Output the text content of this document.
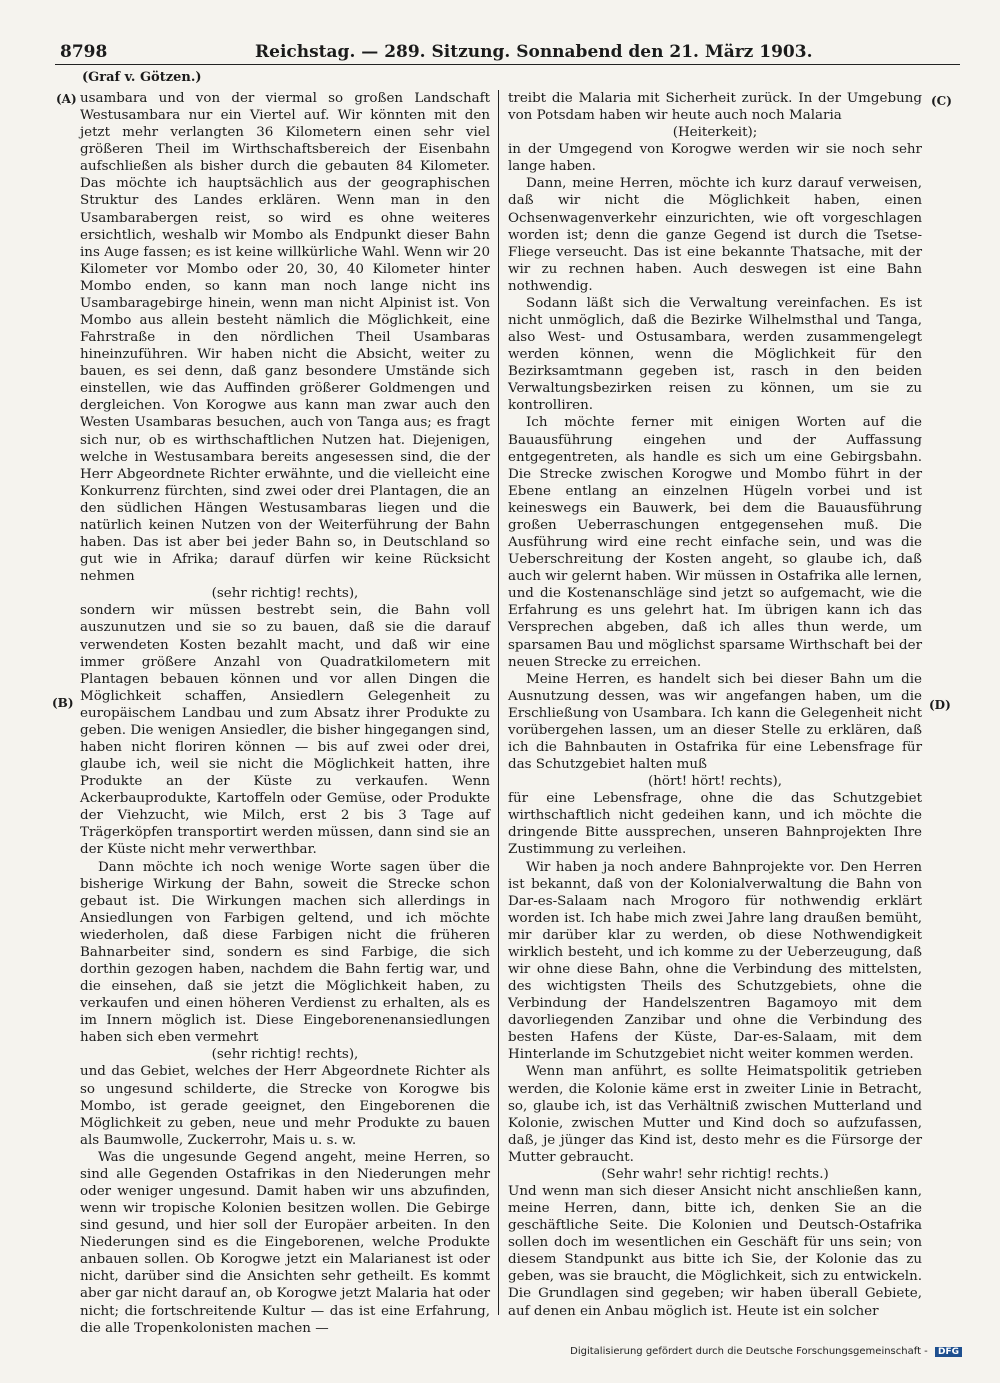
8798	Reichstag. — 289. Sitzung. Sonnabend den 21. März 1903.
(Graf v. Götzen.)
(A)
(B)
(C)
(D)

usambara und von der viermal so großen Landschaft Westusambara nur ein Viertel auf. Wir könnten mit den jetzt mehr verlangten 36 Kilometern einen sehr viel größeren Theil im Wirthschaftsbereich der Eisenbahn aufschließen als bisher durch die gebauten 84 Kilometer. Das möchte ich hauptsächlich aus der geographischen Struktur des Landes erklären. Wenn man in den Usambarabergen reist, so wird es ohne weiteres ersichtlich, weshalb wir Mombo als Endpunkt dieser Bahn ins Auge fassen; es ist keine willkürliche Wahl. Wenn wir 20 Kilometer vor Mombo oder 20, 30, 40 Kilometer hinter Mombo enden, so kann man noch lange nicht ins Usambaragebirge hinein, wenn man nicht Alpinist ist. Von Mombo aus allein besteht nämlich die Möglichkeit, eine Fahrstraße in den nördlichen Theil Usambaras hineinzuführen. Wir haben nicht die Absicht, weiter zu bauen, es sei denn, daß ganz besondere Umstände sich einstellen, wie das Auffinden größerer Goldmengen und dergleichen. Von Korogwe aus kann man zwar auch den Westen Usambaras besuchen, auch von Tanga aus; es fragt sich nur, ob es wirthschaftlichen Nutzen hat. Diejenigen, welche in Westusambara bereits angesessen sind, die der Herr Abgeordnete Richter erwähnte, und die vielleicht eine Konkurrenz fürchten, sind zwei oder drei Plantagen, die an den südlichen Hängen Westusambaras liegen und die natürlich keinen Nutzen von der Weiterführung der Bahn haben. Das ist aber bei jeder Bahn so, in Deutschland so gut wie in Afrika; darauf dürfen wir keine Rücksicht nehmen

(sehr richtig! rechts),

sondern wir müssen bestrebt sein, die Bahn voll auszunutzen und sie so zu bauen, daß sie die darauf verwendeten Kosten bezahlt macht, und daß wir eine immer größere Anzahl von Quadratkilometern mit Plantagen bebauen können und vor allen Dingen die Möglichkeit schaffen, Ansiedlern Gelegenheit zu europäischem Landbau und zum Absatz ihrer Produkte zu geben. Die wenigen Ansiedler, die bisher hingegangen sind, haben nicht floriren können — bis auf zwei oder drei, glaube ich, weil sie nicht die Möglichkeit hatten, ihre Produkte an der Küste zu verkaufen. Wenn Ackerbauprodukte, Kartoffeln oder Gemüse, oder Produkte der Viehzucht, wie Milch, erst 2 bis 3 Tage auf Trägerköpfen transportirt werden müssen, dann sind sie an der Küste nicht mehr verwerthbar.

Dann möchte ich noch wenige Worte sagen über die bisherige Wirkung der Bahn, soweit die Strecke schon gebaut ist. Die Wirkungen machen sich allerdings in Ansiedlungen von Farbigen geltend, und ich möchte wiederholen, daß diese Farbigen nicht die früheren Bahnarbeiter sind, sondern es sind Farbige, die sich dorthin gezogen haben, nachdem die Bahn fertig war, und die einsehen, daß sie jetzt die Möglichkeit haben, zu verkaufen und einen höheren Verdienst zu erhalten, als es im Innern möglich ist. Diese Eingeborenenansiedlungen haben sich eben vermehrt

(sehr richtig! rechts),

und das Gebiet, welches der Herr Abgeordnete Richter als so ungesund schilderte, die Strecke von Korogwe bis Mombo, ist gerade geeignet, den Eingeborenen die Möglichkeit zu geben, neue und mehr Produkte zu bauen als Baumwolle, Zuckerrohr, Mais u. s. w.

Was die ungesunde Gegend angeht, meine Herren, so sind alle Gegenden Ostafrikas in den Niederungen mehr oder weniger ungesund. Damit haben wir uns abzufinden, wenn wir tropische Kolonien besitzen wollen. Die Gebirge sind gesund, und hier soll der Europäer arbeiten. In den Niederungen sind es die Eingeborenen, welche Produkte anbauen sollen. Ob Korogwe jetzt ein Malarianest ist oder nicht, darüber sind die Ansichten sehr getheilt. Es kommt aber gar nicht darauf an, ob Korogwe jetzt Malaria hat oder nicht; die fortschreitende Kultur — das ist eine Erfahrung, die alle Tropenkolonisten machen —

treibt die Malaria mit Sicherheit zurück. In der Umgebung von Potsdam haben wir heute auch noch Malaria

(Heiterkeit);

in der Umgegend von Korogwe werden wir sie noch sehr lange haben.

Dann, meine Herren, möchte ich kurz darauf verweisen, daß wir nicht die Möglichkeit haben, einen Ochsenwagenverkehr einzurichten, wie oft vorgeschlagen worden ist; denn die ganze Gegend ist durch die Tsetse-Fliege verseucht. Das ist eine bekannte Thatsache, mit der wir zu rechnen haben. Auch deswegen ist eine Bahn nothwendig.

Sodann läßt sich die Verwaltung vereinfachen. Es ist nicht unmöglich, daß die Bezirke Wilhelmsthal und Tanga, also West- und Ostusambara, werden zusammengelegt werden können, wenn die Möglichkeit für den Bezirksamtmann gegeben ist, rasch in den beiden Verwaltungsbezirken reisen zu können, um sie zu kontrolliren.

Ich möchte ferner mit einigen Worten auf die Bauausführung eingehen und der Auffassung entgegentreten, als handle es sich um eine Gebirgsbahn. Die Strecke zwischen Korogwe und Mombo führt in der Ebene entlang an einzelnen Hügeln vorbei und ist keineswegs ein Bauwerk, bei dem die Bauausführung großen Ueberraschungen entgegensehen muß. Die Ausführung wird eine recht einfache sein, und was die Ueberschreitung der Kosten angeht, so glaube ich, daß auch wir gelernt haben. Wir müssen in Ostafrika alle lernen, und die Kostenanschläge sind jetzt so aufgemacht, wie die Erfahrung es uns gelehrt hat. Im übrigen kann ich das Versprechen abgeben, daß ich alles thun werde, um sparsamen Bau und möglichst sparsame Wirthschaft bei der neuen Strecke zu erreichen.

Meine Herren, es handelt sich bei dieser Bahn um die Ausnutzung dessen, was wir angefangen haben, um die Erschließung von Usambara. Ich kann die Gelegenheit nicht vorübergehen lassen, um an dieser Stelle zu erklären, daß ich die Bahnbauten in Ostafrika für eine Lebensfrage für das Schutzgebiet halten muß

(hört! hört! rechts),

für eine Lebensfrage, ohne die das Schutzgebiet wirthschaftlich nicht gedeihen kann, und ich möchte die dringende Bitte aussprechen, unseren Bahnprojekten Ihre Zustimmung zu verleihen.

Wir haben ja noch andere Bahnprojekte vor. Den Herren ist bekannt, daß von der Kolonialverwaltung die Bahn von Dar-es-Salaam nach Mrogoro für nothwendig erklärt worden ist. Ich habe mich zwei Jahre lang draußen bemüht, mir darüber klar zu werden, ob diese Nothwendigkeit wirklich besteht, und ich komme zu der Ueberzeugung, daß wir ohne diese Bahn, ohne die Verbindung des mittelsten, des wichtigsten Theils des Schutzgebiets, ohne die Verbindung der Handelszentren Bagamoyo mit dem davorliegenden Zanzibar und ohne die Verbindung des besten Hafens der Küste, Dar-es-Salaam, mit dem Hinterlande im Schutzgebiet nicht weiter kommen werden.

Wenn man anführt, es sollte Heimatspolitik getrieben werden, die Kolonie käme erst in zweiter Linie in Betracht, so, glaube ich, ist das Verhältniß zwischen Mutterland und Kolonie, zwischen Mutter und Kind doch so aufzufassen, daß, je jünger das Kind ist, desto mehr es die Fürsorge der Mutter gebraucht.

(Sehr wahr! sehr richtig! rechts.)

Und wenn man sich dieser Ansicht nicht anschließen kann, meine Herren, dann, bitte ich, denken Sie an die geschäftliche Seite. Die Kolonien und Deutsch-Ostafrika sollen doch im wesentlichen ein Geschäft für uns sein; von diesem Standpunkt aus bitte ich Sie, der Kolonie das zu geben, was sie braucht, die Möglichkeit, sich zu entwickeln. Die Grundlagen sind gegeben; wir haben überall Gebiete, auf denen ein Anbau möglich ist. Heute ist ein solcher

Digitalisierung gefördert durch die Deutsche Forschungsgemeinschaft - DFG
